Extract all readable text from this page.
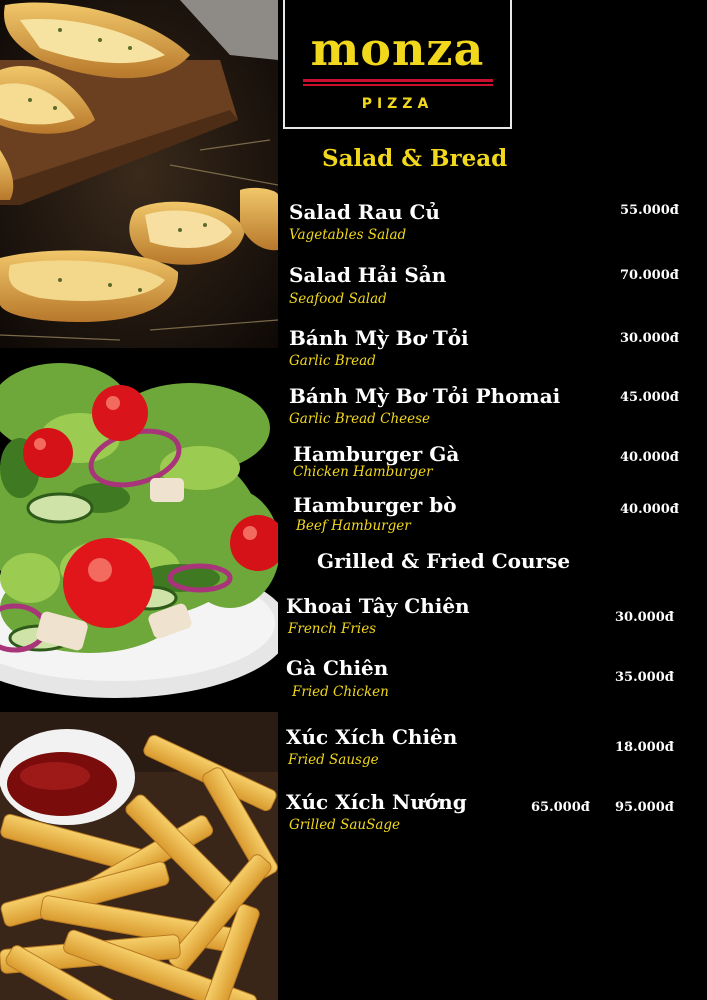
monza
PIZZA
Salad & Bread
Salad Rau Củ
Vagetables Salad
55.000đ
Salad Hải Sản
Seafood Salad
70.000đ
Bánh Mỳ Bơ Tỏi
Garlic Bread
30.000đ
Bánh Mỳ Bơ Tỏi Phomai
Garlic Bread Cheese
45.000đ
Hamburger Gà
Chicken Hamburger
40.000đ
Hamburger bò
Beef Hamburger
40.000đ
Grilled & Fried Course
Khoai Tây Chiên
French Fries
30.000đ
Gà Chiên
Fried Chicken
35.000đ
Xúc Xích Chiên
Fried Sausge
18.000đ
Xúc Xích Nướng
Grilled SauSage
65.000đ 95.000đ
